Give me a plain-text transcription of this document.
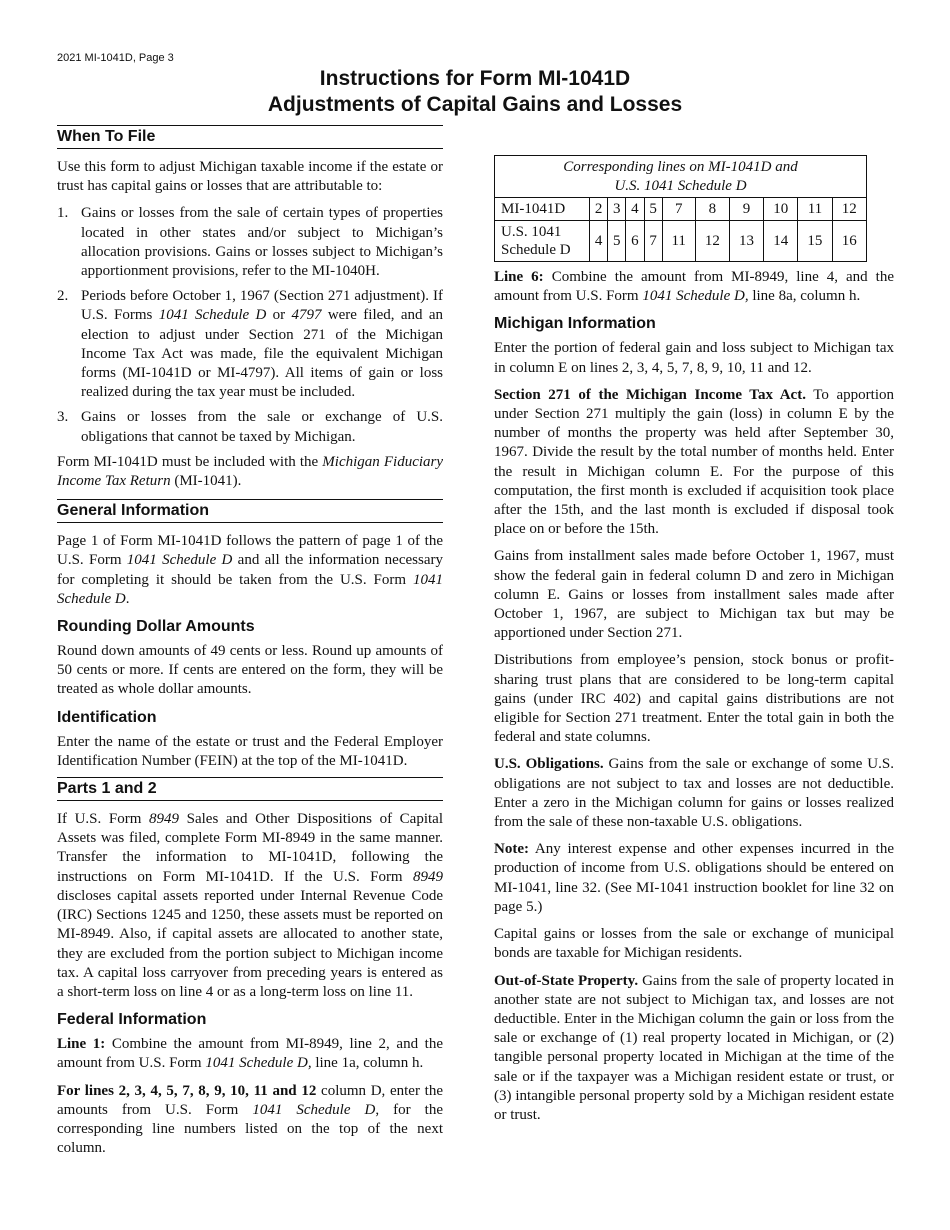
2021 MI-1041D, Page 3
Instructions for Form MI-1041D
Adjustments of Capital Gains and Losses
When To File

Use this form to adjust Michigan taxable income if the estate or trust has capital gains or losses that are attributable to:

1. Gains or losses from the sale of certain types of properties located in other states and/or subject to Michigan’s allocation provisions. Gains or losses subject to Michigan’s apportionment provisions, refer to the MI-1040H.
2. Periods before October 1, 1967 (Section 271 adjustment). If U.S. Forms 1041 Schedule D or 4797 were filed, and an election to adjust under Section 271 of the Michigan Income Tax Act was made, file the equivalent Michigan forms (MI-1041D or MI-4797). All items of gain or loss realized during the tax year must be included.
3. Gains or losses from the sale or exchange of U.S. obligations that cannot be taxed by Michigan.

Form MI-1041D must be included with the Michigan Fiduciary Income Tax Return (MI-1041).

General Information

Page 1 of Form MI-1041D follows the pattern of page 1 of the U.S. Form 1041 Schedule D and all the information necessary for completing it should be taken from the U.S. Form 1041 Schedule D.

Rounding Dollar Amounts

Round down amounts of 49 cents or less. Round up amounts of 50 cents or more. If cents are entered on the form, they will be treated as whole dollar amounts.

Identification

Enter the name of the estate or trust and the Federal Employer Identification Number (FEIN) at the top of the MI-1041D.

Parts 1 and 2

If U.S. Form 8949 Sales and Other Dispositions of Capital Assets was filed, complete Form MI-8949 in the same manner. Transfer the information to MI-1041D, following the instructions on Form MI-1041D. If the U.S. Form 8949 discloses capital assets reported under Internal Revenue Code (IRC) Sections 1245 and 1250, these assets must be reported on MI-8949. Also, if capital assets are allocated to another state, they are excluded from the portion subject to Michigan income tax. A capital loss carryover from preceding years is entered as a short-term loss on line 4 or as a long-term loss on line 11.

Federal Information

Line 1: Combine the amount from MI-8949, line 2, and the amount from U.S. Form 1041 Schedule D, line 1a, column h.

For lines 2, 3, 4, 5, 7, 8, 9, 10, 11 and 12 column D, enter the amounts from U.S. Form 1041 Schedule D, for the corresponding line numbers listed on the top of the next column.

Corresponding lines on MI-1041D and
U.S. 1041 Schedule D										

MI-1041D	2	3	4	5	7	8	9	10	11	12

U.S. 1041
Schedule D	4	5	6	7	11	12	13	14	15	16

Line 6: Combine the amount from MI-8949, line 4, and the amount from U.S. Form 1041 Schedule D, line 8a, column h.

Michigan Information

Enter the portion of federal gain and loss subject to Michigan tax in column E on lines 2, 3, 4, 5, 7, 8, 9, 10, 11 and 12.

Section 271 of the Michigan Income Tax Act. To apportion under Section 271 multiply the gain (loss) in column E by the number of months the property was held after September 30, 1967. Divide the result by the total number of months held. Enter the result in Michigan column E. For the purpose of this computation, the first month is excluded if acquisition took place after the 15th, and the last month is excluded if disposal took place on or before the 15th.

Gains from installment sales made before October 1, 1967, must show the federal gain in federal column D and zero in Michigan column E. Gains or losses from installment sales made after October 1, 1967, are subject to Michigan tax but may be apportioned under Section 271.

Distributions from employee’s pension, stock bonus or profit-sharing trust plans that are considered to be long-term capital gains (under IRC 402) and capital gains distributions are not eligible for Section 271 treatment. Enter the total gain in both the federal and state columns.

U.S. Obligations. Gains from the sale or exchange of some U.S. obligations are not subject to tax and losses are not deductible. Enter a zero in the Michigan column for gains or losses realized from the sale of these non-taxable U.S. obligations.

Note: Any interest expense and other expenses incurred in the production of income from U.S. obligations should be entered on MI-1041, line 32. (See MI-1041 instruction booklet for line 32 on page 5.)

Capital gains or losses from the sale or exchange of municipal bonds are taxable for Michigan residents.

Out-of-State Property. Gains from the sale of property located in another state are not subject to Michigan tax, and losses are not deductible. Enter in the Michigan column the gain or loss from the sale or exchange of (1) real property located in Michigan, or (2) tangible personal property located in Michigan at the time of the sale or if the taxpayer was a Michigan resident estate or trust, or (3) intangible personal property sold by a Michigan resident estate or trust.
